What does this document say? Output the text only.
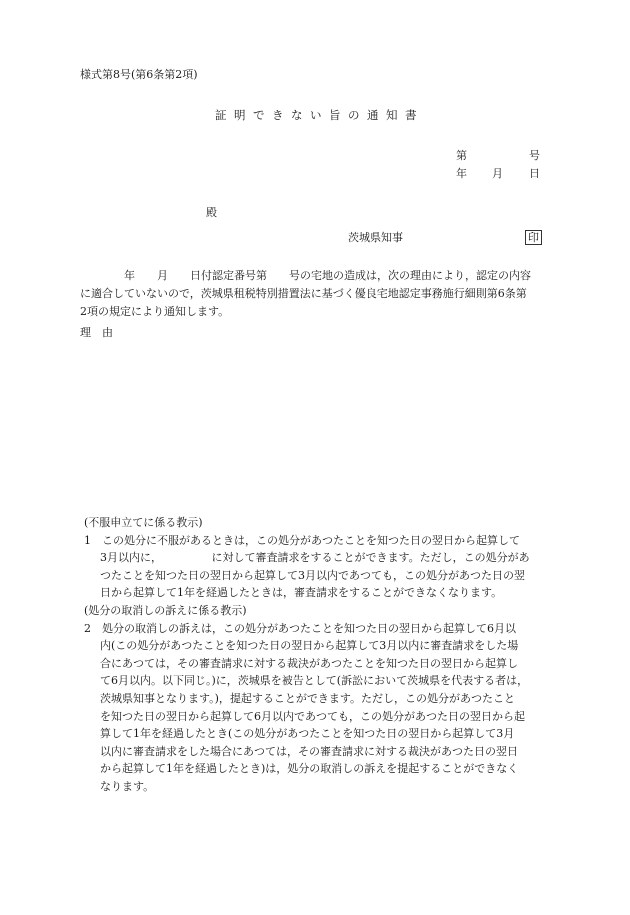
様式第8号(第6条第2項)
証明できない旨の通知書
第	号
年 月 日
殿
茨城県知事	印
　　年　　月　　日付認定番号第　　号の宅地の造成は，次の理由により，認定の内容
に適合していないので，茨城県租税特別措置法に基づく優良宅地認定事務施行細則第6条第
2項の規定により通知します。
理　由
(不服申立てに係る教示)
1　この処分に不服があるときは，この処分があつたことを知つた日の翌日から起算して
3月以内に，　　　　　に対して審査請求をすることができます。ただし，この処分があ
つたことを知つた日の翌日から起算して3月以内であつても，この処分があつた日の翌
日から起算して1年を経過したときは，審査請求をすることができなくなります。
(処分の取消しの訴えに係る教示)
2　処分の取消しの訴えは，この処分があつたことを知つた日の翌日から起算して6月以
内(この処分があつたことを知つた日の翌日から起算して3月以内に審査請求をした場
合にあつては，その審査請求に対する裁決があつたことを知つた日の翌日から起算し
て6月以内。以下同じ。)に，茨城県を被告として(訴訟において茨城県を代表する者は，
茨城県知事となります。)，提起することができます。ただし，この処分があつたこと
を知つた日の翌日から起算して6月以内であつても，この処分があつた日の翌日から起
算して1年を経過したとき(この処分があつたことを知つた日の翌日から起算して3月
以内に審査請求をした場合にあつては，その審査請求に対する裁決があつた日の翌日
から起算して1年を経過したとき)は，処分の取消しの訴えを提起することができなく
なります。
